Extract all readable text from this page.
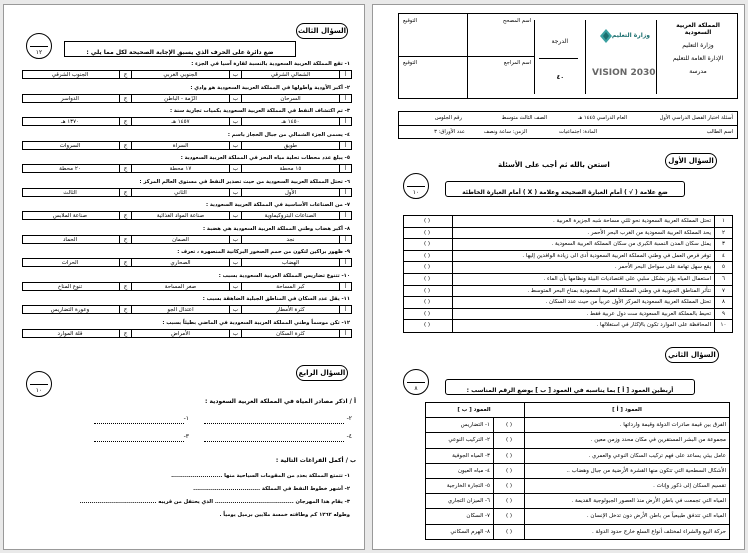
المملكة العربية السعودية
وزارة التعليم
الإدارة العامة للتعليم
مدرسة
وزارة التعليم
VISION 2030
الدرجة
٤٠
اسم المصحح
التوقيع
اسم المراجع
التوقيع
أسئلة اختبار الفصل الدراسي الأول
العام الدراسي ١٤٤٥ هـ
الصف الثالث متوسط
رقم الجلوس
اسم الطالب
المادة: اجتماعيات
الزمن: ساعة ونصف
عدد الأوراق: ٣
استعن بالله ثم أجب على الأسئلة	السؤال الأول
١٠	ضع علامة ( √ ) أمام العبارة الصحيحة وعلامة ( X ) أمام العبارة الخاطئة
١
تحتل المملكة العربية السعودية نحو ثلثي مساحة شبه الجزيرة العربية .
( )
٢
يحد المملكة العربية السعودية من الغرب البحر الأحمر .
( )
٣
يمثل سكان المدن النسبة الكبرى من سكان المملكة العربية السعودية .
( )
٤
توفر فرص العمل في وطني المملكة العربية السعودية أدى الى زيادة الوافدين إليها .
( )
٥
يقع سهل تهامة على سواحل البحر الأحمر .
( )
٦
استعمال المياه يؤثر بشكل سلبي على اقتصاديات البيئة ونظامها بأن الماء .
( )
٧
تتأثر المناطق الجنوبية في وطني المملكة العربية السعودية بمناخ البحر المتوسط .
( )
٨
تحتل المملكة العربية السعودية المركز الأول عربياً من حيث عدد السكان .
( )
٩
تحيط بالمملكة العربية السعودية ست دول عربية فقط .
( )
١٠
المحافظة على الموارد تكون بالإكثار في استغلالها .
( )
السؤال الثاني
٨	أربطين العمود [ أ ] بما يناسبه في العمود [ ب ] بوضع الرقم المناسب :
العمود [ أ ]
العمود [ ب ]
الفرق بين قيمة صادرات الدولة وقيمة وارداتها .
( )
١- التضاريس
مجموعة من البشر المستقرين في مكان محدد وزمن معين .
( )
٢- التركيب النوعي
عامل بيئي يساعد على فهم تركيب السكان النوعي والعمري .
( )
٣- المياه الجوفية
الأشكال السطحية التي تتكون منها القشرة الأرضية من جبال وهضاب ..
( )
٤- مياه العيون
تقسيم السكان إلى ذكور وإناث .
( )
٥- التجارة الخارجية
المياه التي تجمعت في باطن الأرض منذ العصور الجيولوجية القديمة .
( )
٦- الميزان التجاري
المياه التي تتدفق طبيعياً من باطن الأرض دون تدخل الإنسان .
( )
٧- السكان
حركة البيع والشراء لمختلف أنواع السلع خارج حدود الدولة .
( )
٨- الهرم السكاني
السؤال الثالث
١٢	ضع دائرة على الحرف الذي يسبق الإجابة الصحيحة لكل مما يلي :
١- تقع المملكة العربية السعودية بالنسبة لقارة آسيا في الجزء :
أ
الشمالي الشرقي
ب
الجنوبي الغربي
ج
الجنوب الشرقي
٢- أكبر الأودية وأطولها في المملكة العربية السعودية هو وادي :
أ
السرحان
ب
الرّمة - الباطن
ج
الدواسر
٣- تم اكتشاف النفط في المملكة العربية السعودية بكميات تجارية سنة :
أ
١٤٥٠ هـ
ب
١٤٥٧ هـ
ج
١٣٧٠ هـ
٤- يسمى الجزء الشمالي من جبال الحجاز باسم :
أ
طويق
ب
السراة
ج
السروات
٥- يبلغ عدد محطات تحلية مياه البحر في المملكة العربية السعودية :
أ
١٥ محطة
ب
١٧ محطة
ج
٢٠ محطة
٦- تحتل المملكة العربية السعودية من حيث تصدير النفط في مستوى العالم المركز :
أ
الأول
ب
الثاني
ج
الثالث
٧- من الصناعات الأساسية في المملكة العربية السعودية :
أ
الصناعات البتروكيماوية
ب
صناعة المواد الغذائية
ج
صناعة الملابس
٨- أكبر هضاب وطني المملكة العربية السعودية هي هضبة :
أ
نجد
ب
الصمان
ج
الحماد
٩- ظهور براكين لتكون من حمم الصخور البركانية المنصهرة ، تعرف :
أ
الهضاب
ب
الصحاري
ج
الحرات
١٠- تتنوع تضاريس المملكة العربية السعودية بسبب :
أ
كبر المساحة
ب
صغر المساحة
ج
تنوع المناخ
١١- يقل عدد السكان في المناطق الجبلية الضاهقة بسبب :
أ
كثرة الأمطار
ب
اعتدال الجو
ج
وعورة التضاريس
١٢- تكن موسماً وطني المملكة العربية السعودية في الماضي بطيئاً بسبب :
أ
كثرة السكان
ب
الأمراض
ج
قلة الموارد
السؤال الرابع
١٠
أ / اذكر مصادر المياه في المملكة العربية السعودية :
١-	٢-
٣-	٤-
ب / أكمل الفراغات التالية :
١- تتمتع المملكة بعدد من المقومات السياحية منها ..........................
٢- أشهر خطوط النفط في المملكة ..................................
٣- يقام هذا المهرجان ........................................ الذي يحتفل من قريبه .......................................
وطوله ١٢٦٢ كم وطاقته خمسة ملايين برميل يومياً .
